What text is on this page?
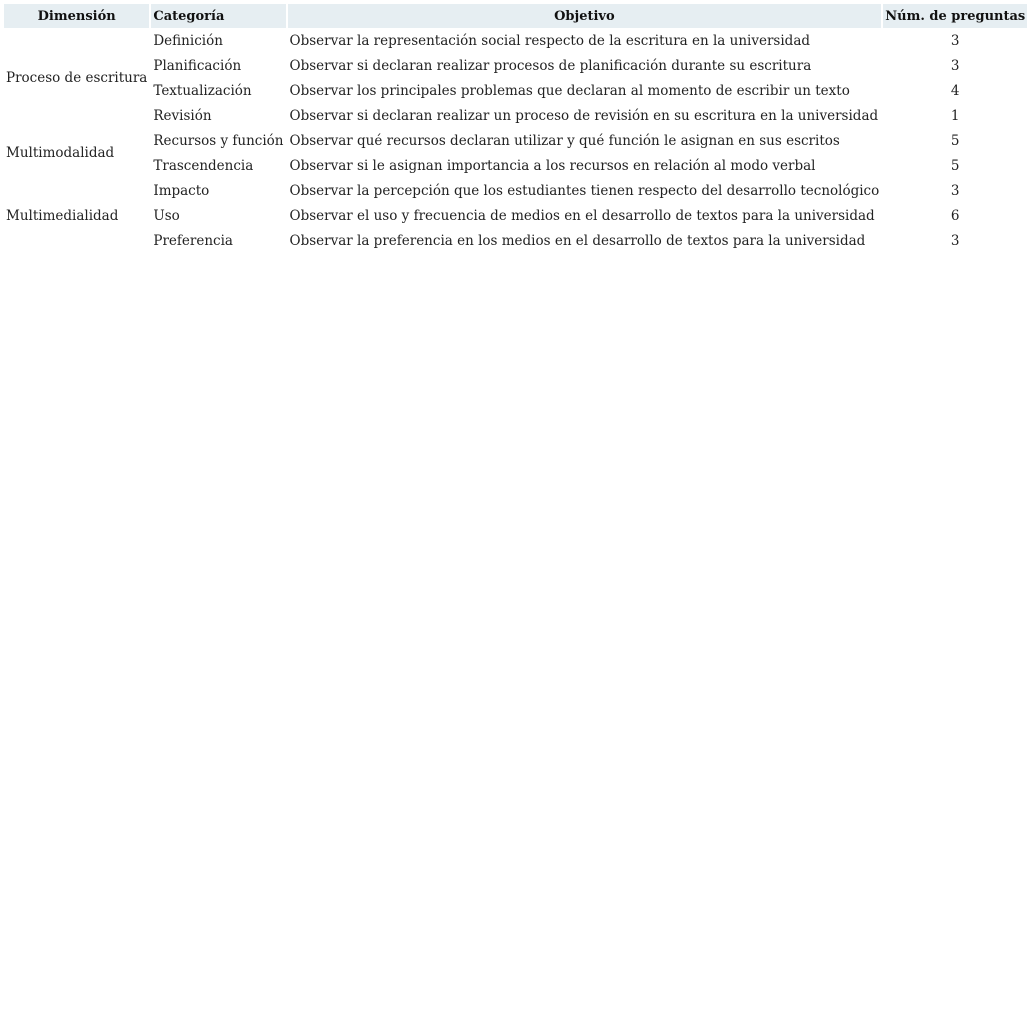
Dimensión	Categoría	Objetivo	Núm. de preguntas
Proceso de escritura	Definición	Observar la representación social respecto de la escritura en la universidad	3
	Planificación	Observar si declaran realizar procesos de planificación durante su escritura	3
	Textualización	Observar los principales problemas que declaran al momento de escribir un texto	4
	Revisión	Observar si declaran realizar un proceso de revisión en su escritura en la universidad	1
Multimodalidad	Recursos y función	Observar qué recursos declaran utilizar y qué función le asignan en sus escritos	5
	Trascendencia	Observar si le asignan importancia a los recursos en relación al modo verbal	5
Multimedialidad	Impacto	Observar la percepción que los estudiantes tienen respecto del desarrollo tecnológico	3
	Uso	Observar el uso y frecuencia de medios en el desarrollo de textos para la universidad	6
	Preferencia	Observar la preferencia en los medios en el desarrollo de textos para la universidad	3
